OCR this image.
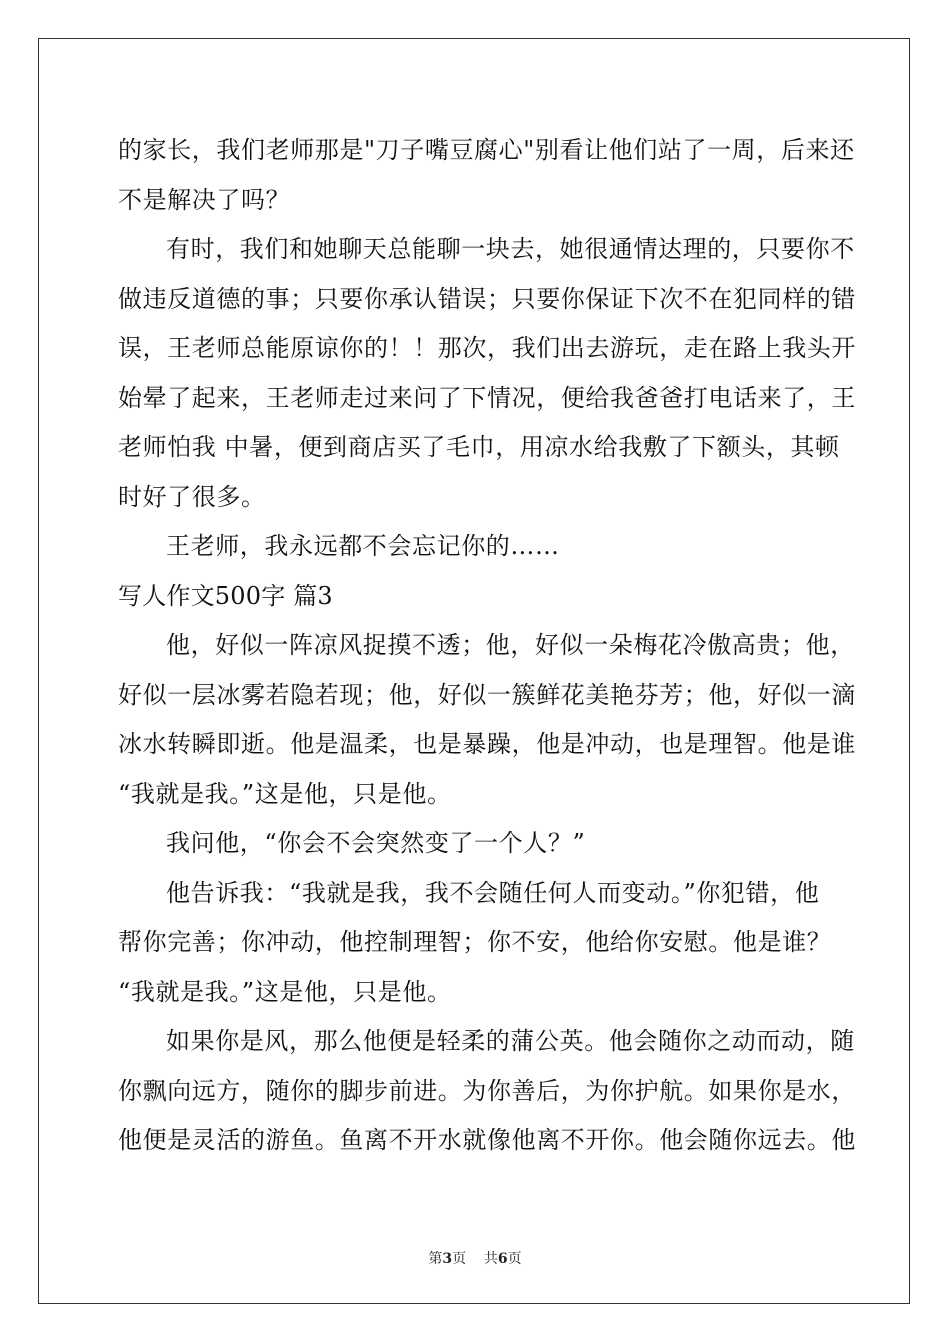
的家长，我们老师那是"刀子嘴豆腐心"别看让他们站了一周，后来还
不是解决了吗？
有时，我们和她聊天总能聊一块去，她很通情达理的，只要你不
做违反道德的事；只要你承认错误；只要你保证下次不在犯同样的错
误，王老师总能原谅你的！！那次，我们出去游玩，走在路上我头开
始晕了起来，王老师走过来问了下情况，便给我爸爸打电话来了，王
老师怕我 中暑，便到商店买了毛巾，用凉水给我敷了下额头，其顿
时好了很多。
王老师，我永远都不会忘记你的……
写人作文500字 篇3
他，好似一阵凉风捉摸不透；他，好似一朵梅花冷傲高贵；他，
好似一层冰雾若隐若现；他，好似一簇鲜花美艳芬芳；他，好似一滴
冰水转瞬即逝。他是温柔，也是暴躁，他是冲动，也是理智。他是谁
“我就是我。”这是他，只是他。
我问他，“你会不会突然变了一个人？”
他告诉我：“我就是我，我不会随任何人而变动。”你犯错，他
帮你完善；你冲动，他控制理智；你不安，他给你安慰。他是谁？
“我就是我。”这是他，只是他。
如果你是风，那么他便是轻柔的蒲公英。他会随你之动而动，随
你飘向远方，随你的脚步前进。为你善后，为你护航。如果你是水，
他便是灵活的游鱼。鱼离不开水就像他离不开你。他会随你远去。他
第3页 共6页
